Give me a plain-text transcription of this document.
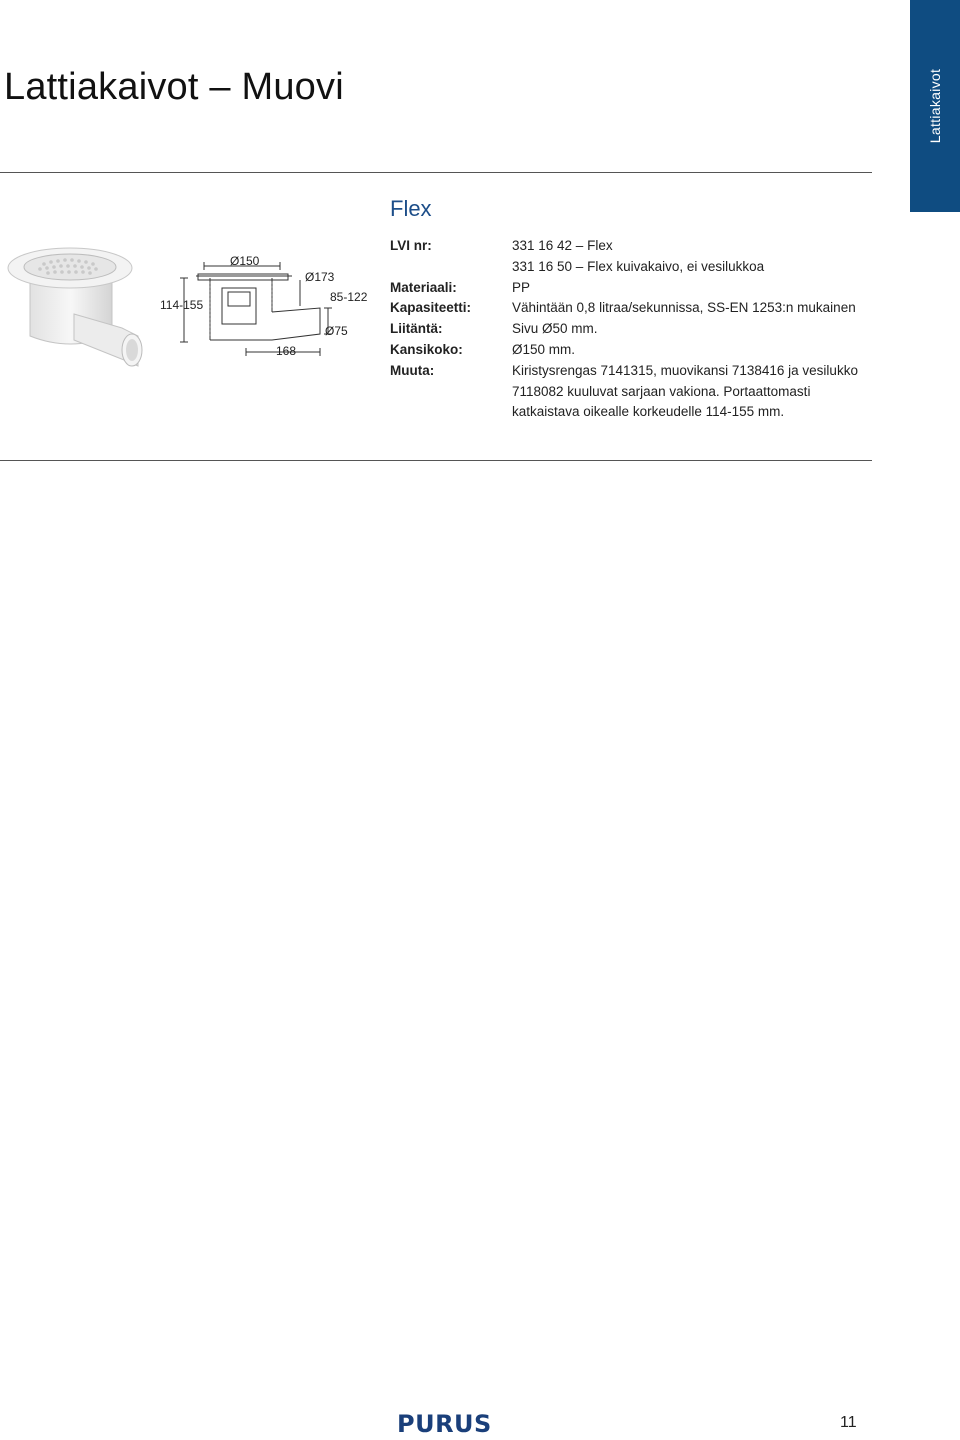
Lattiakaivot – Muovi	Lattiakaivot
Ø150
Ø173
114-155
85-122
Ø75
168
Flex
LVI nr:	331 16 42 – Flex
331 16 50 – Flex kuivakaivo, ei vesilukkoa
Materiaali:	PP
Kapasiteetti:	Vähintään 0,8 litraa/sekunnissa, SS-EN 1253:n mukainen
Liitäntä:	Sivu Ø50 mm.
Kansikoko:	Ø150 mm.
Muuta:	Kiristysrengas 7141315, muovikansi 7138416 ja vesilukko
7118082 kuuluvat sarjaan vakiona. Portaattomasti
katkaistava oikealle korkeudelle 114-155 mm.
PURUS	11
